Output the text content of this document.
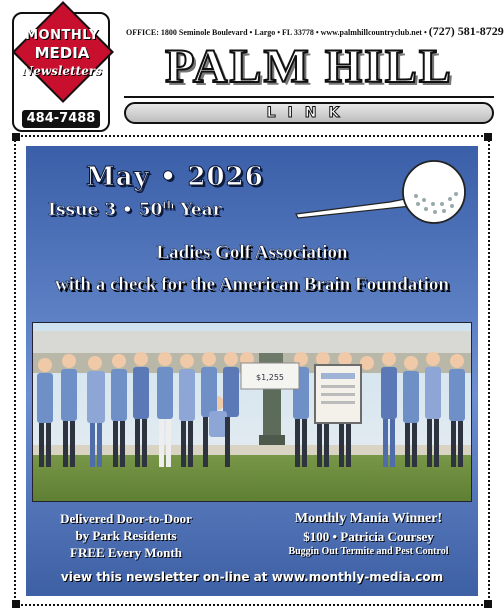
MONTHLY
MEDIA
Newsletters
484-7488
OFFICE: 1800 Seminole Boulevard • Largo • FL 33778 • www.palmhillcountryclub.net • (727) 581-8729
PALM HILL
LINK
May • 2026
Issue 3 • 50th Year
Ladies Golf Association
with a check for the American Brain Foundation
$1,255
Delivered Door-to-Door
by Park Residents
FREE Every Month
Monthly Mania Winner!
$100 • Patricia Coursey
Buggin Out Termite and Pest Control
view this newsletter on-line at www.monthly-media.com
